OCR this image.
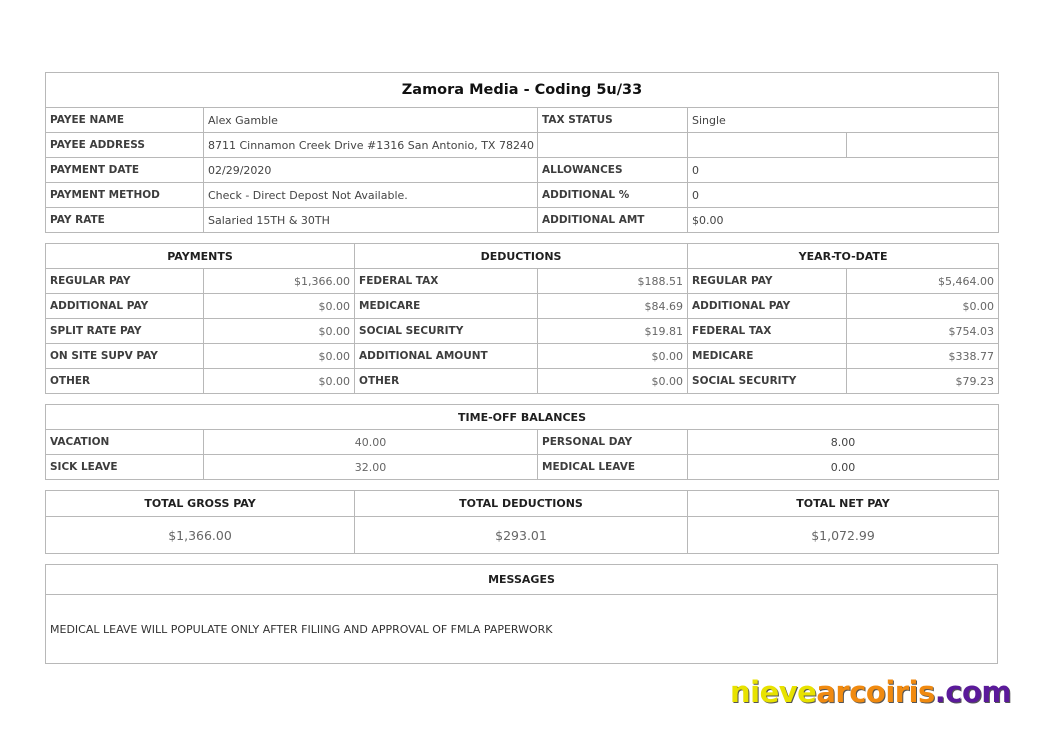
Zamora Media - Coding 5u/33				
PAYEE NAME	Alex Gamble	TAX STATUS	Single	
PAYEE ADDRESS	8711 Cinnamon Creek Drive #1316 San Antonio, TX 78240			
PAYMENT DATE	02/29/2020	ALLOWANCES	0	
PAYMENT METHOD	Check - Direct Depost Not Available.	ADDITIONAL %	0	
PAY RATE	Salaried 15TH & 30TH	ADDITIONAL AMT	$0.00	
PAYMENTS		DEDUCTIONS		YEAR-TO-DATE	
REGULAR PAY	$1,366.00	FEDERAL TAX	$188.51	REGULAR PAY	$5,464.00
ADDITIONAL PAY	$0.00	MEDICARE	$84.69	ADDITIONAL PAY	$0.00
SPLIT RATE PAY	$0.00	SOCIAL SECURITY	$19.81	FEDERAL TAX	$754.03
ON SITE SUPV PAY	$0.00	ADDITIONAL AMOUNT	$0.00	MEDICARE	$338.77
OTHER	$0.00	OTHER	$0.00	SOCIAL SECURITY	$79.23
TIME-OFF BALANCES			
VACATION	40.00	PERSONAL DAY	8.00
SICK LEAVE	32.00	MEDICAL LEAVE	0.00
TOTAL GROSS PAY	TOTAL DEDUCTIONS	TOTAL NET PAY
$1,366.00	$293.01	$1,072.99
MESSAGES
MEDICAL LEAVE WILL POPULATE ONLY AFTER FILIING AND APPROVAL OF FMLA PAPERWORK
nievearcoiris.com
